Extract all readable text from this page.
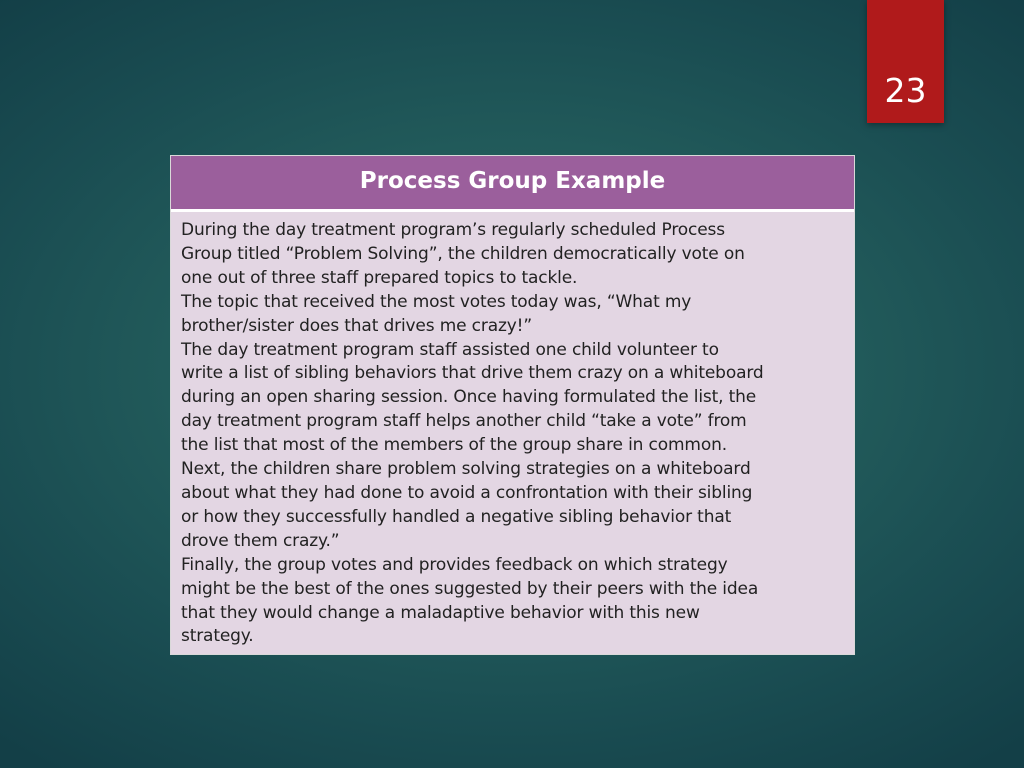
23
Process Group Example
During the day treatment program’s regularly scheduled Process
Group titled “Problem Solving”, the children democratically vote on
one out of three staff prepared topics to tackle.
The topic that received the most votes today was, “What my
brother/sister does that drives me crazy!”
The day treatment program staff assisted one child volunteer to
write a list of sibling behaviors that drive them crazy on a whiteboard
during an open sharing session. Once having formulated the list, the
day treatment program staff helps another child “take a vote” from
the list that most of the members of the group share in common.
Next, the children share problem solving strategies on a whiteboard
about what they had done to avoid a confrontation with their sibling
or how they successfully handled a negative sibling behavior that
drove them crazy.”
Finally, the group votes and provides feedback on which strategy
might be the best of the ones suggested by their peers with the idea
that they would change a maladaptive behavior with this new
strategy.
